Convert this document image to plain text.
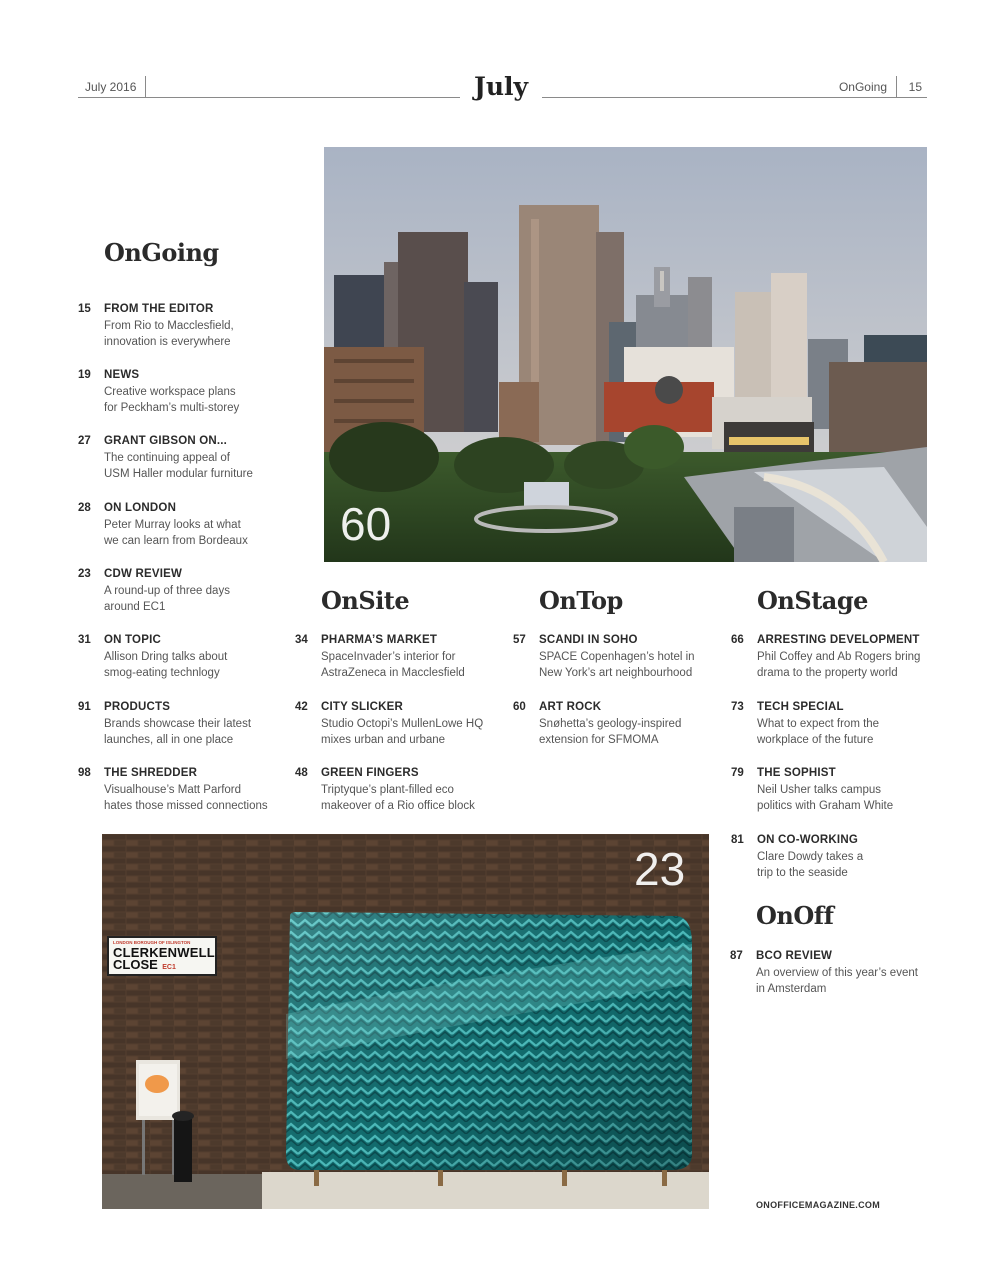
July 2016	July	OnGoing 15
60
LONDON BOROUGH OF ISLINGTON
CLERKENWELL
CLOSE EC1
23
OnGoing
OnSite	OnTop	OnStage
OnOff
15 FROM THE EDITOR
From Rio to Macclesfield,
innovation is everywhere
19 NEWS
Creative workspace plans
for Peckham’s multi-storey
27 GRANT GIBSON ON...
The continuing appeal of
USM Haller modular furniture
28 ON LONDON
Peter Murray looks at what
we can learn from Bordeaux
23 CDW REVIEW
A round-up of three days
around EC1
31 ON TOPIC
Allison Dring talks about
smog-eating technlogy
91 PRODUCTS
Brands showcase their latest
launches, all in one place
98 THE SHREDDER
Visualhouse’s Matt Parford
hates those missed connections
34 PHARMA’S MARKET
SpaceInvader’s interior for
AstraZeneca in Macclesfield
42 CITY SLICKER
Studio Octopi’s MullenLowe HQ
mixes urban and urbane
48 GREEN FINGERS
Triptyque’s plant-filled eco
makeover of a Rio office block
57 SCANDI IN SOHO
SPACE Copenhagen’s hotel in
New York’s art neighbourhood
60 ART ROCK
Snøhetta’s geology-inspired
extension for SFMOMA
66 ARRESTING DEVELOPMENT
Phil Coffey and Ab Rogers bring
drama to the property world
73 TECH SPECIAL
What to expect from the
workplace of the future
79 THE SOPHIST
Neil Usher talks campus
politics with Graham White
81 ON CO-WORKING
Clare Dowdy takes a
trip to the seaside
87 BCO REVIEW
An overview of this year’s event
in Amsterdam
ONOFFICEMAGAZINE.COM
